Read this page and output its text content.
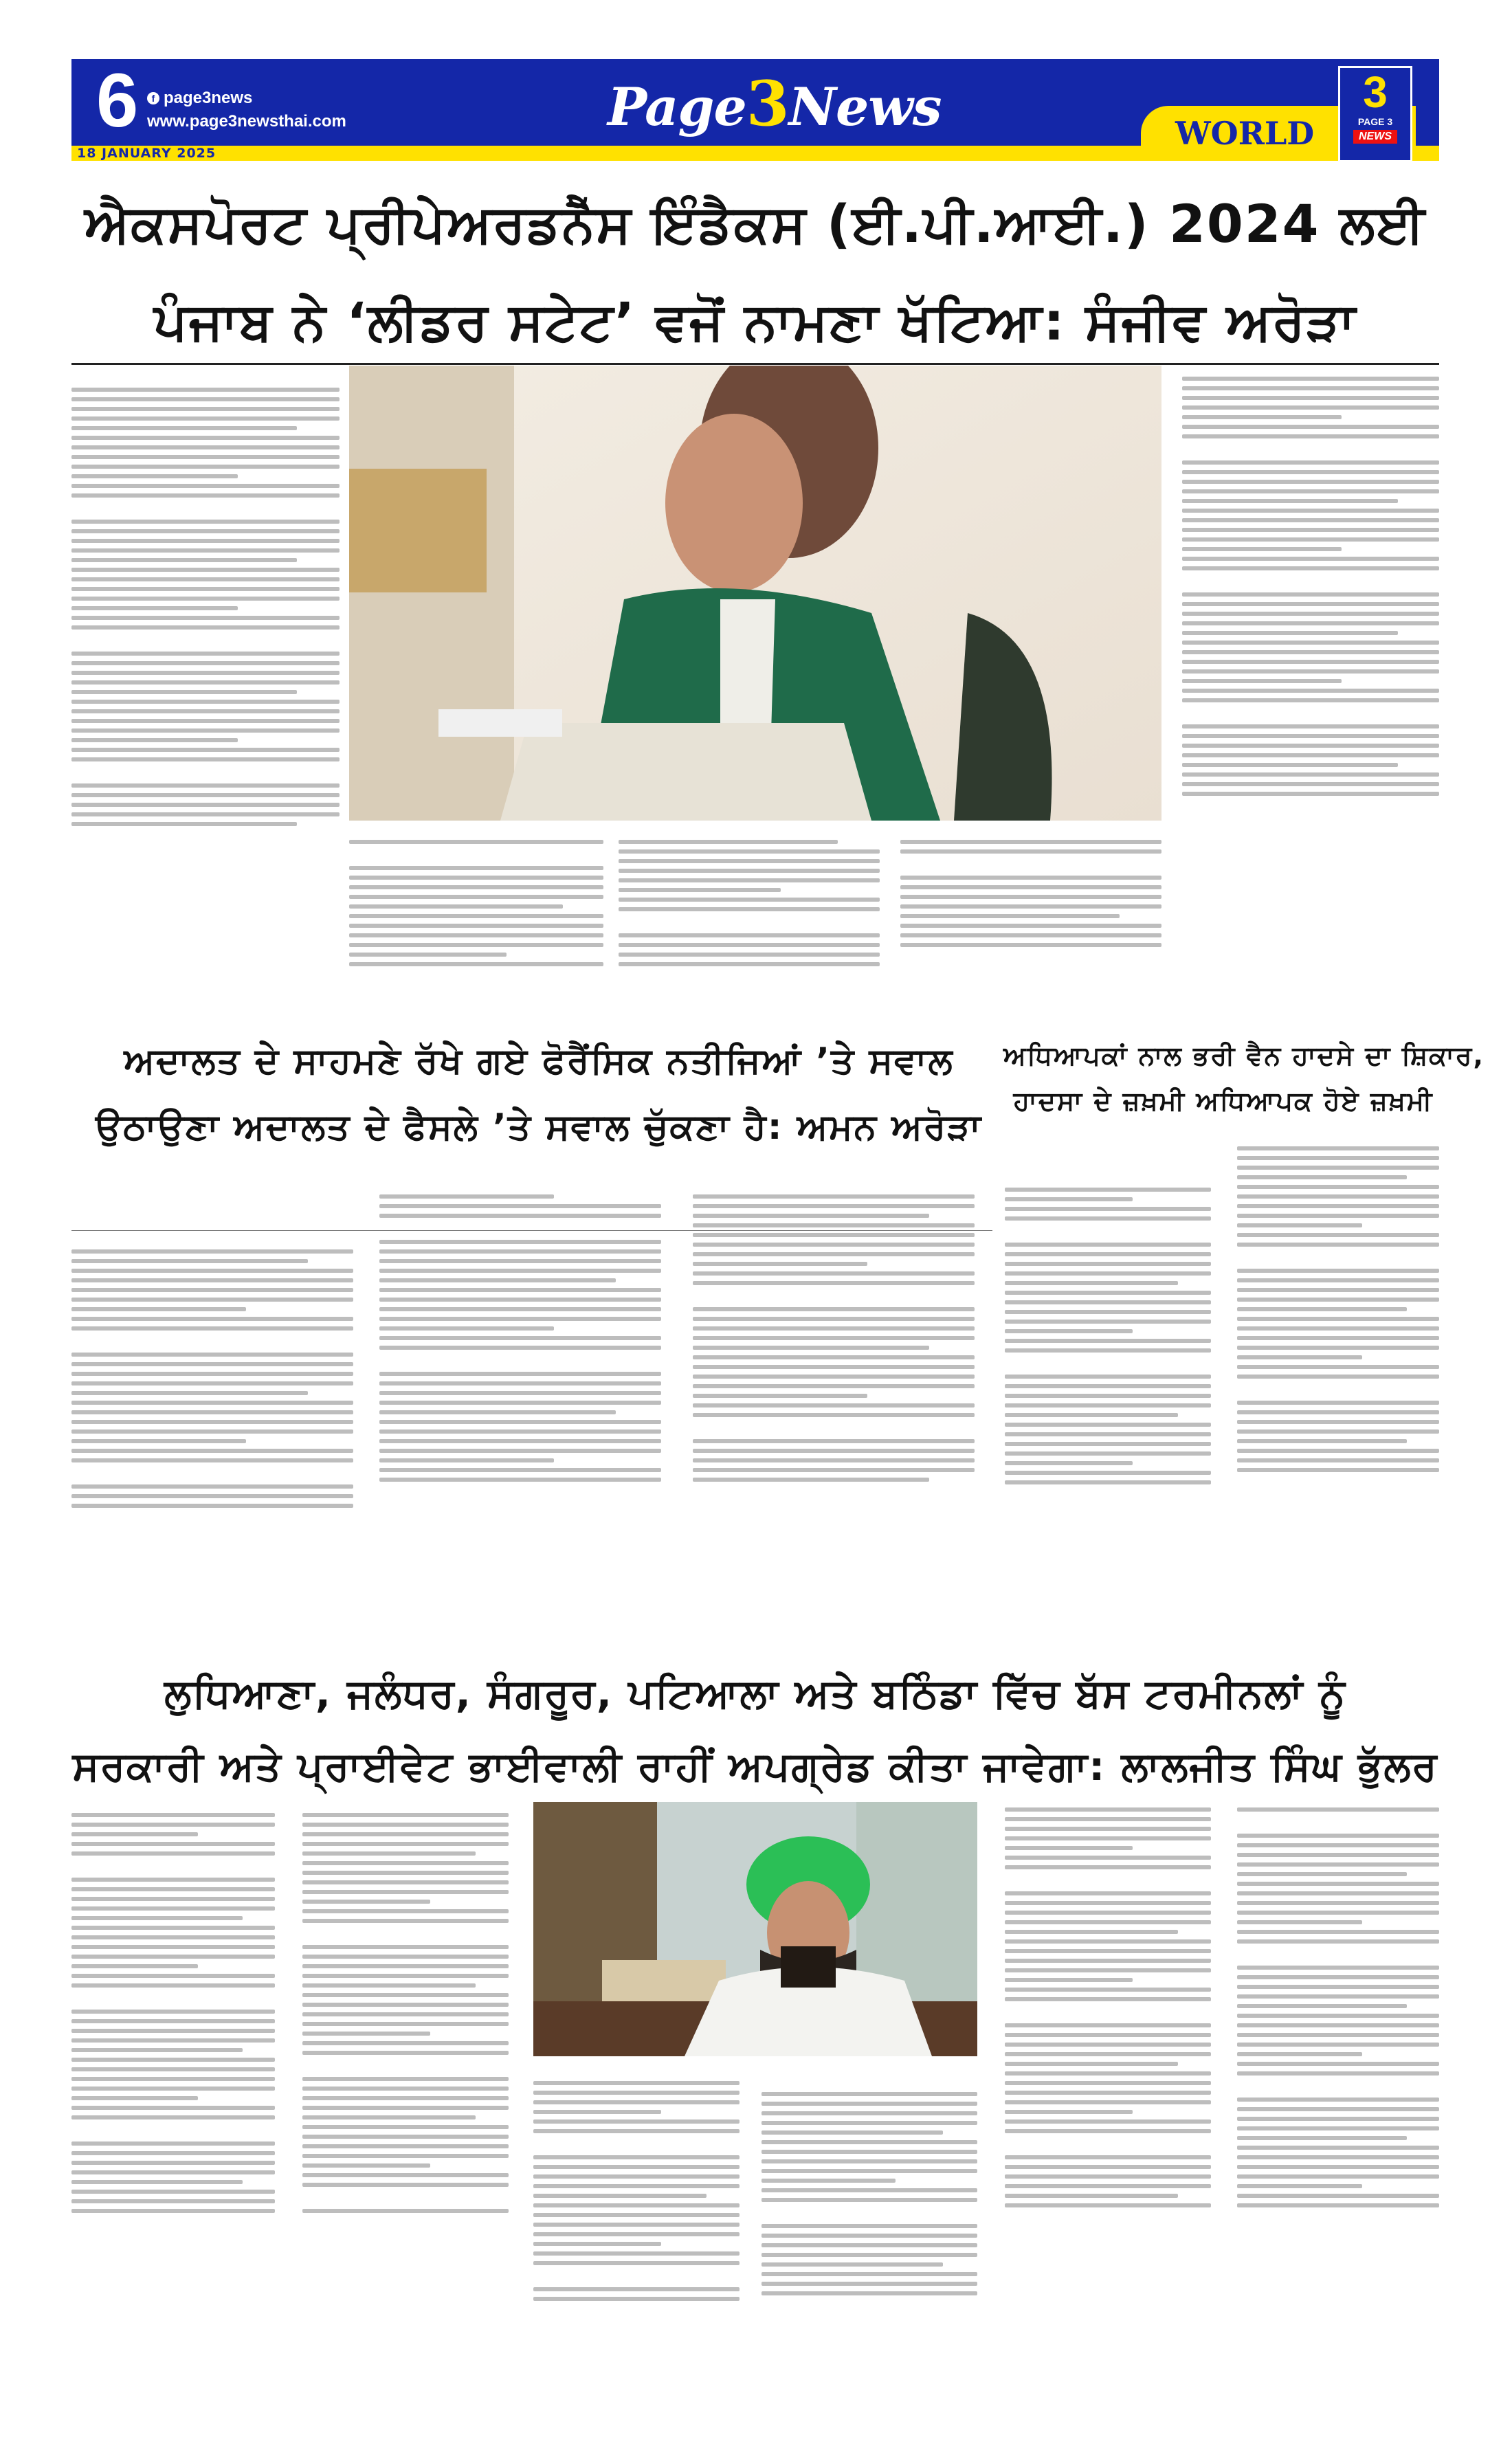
6	f page3news
www.page3newsthai.com
18 JANUARY 2025
Page3News	WORLD
3
PAGE 3
NEWS
ਐਕਸਪੋਰਟ ਪ੍ਰੀਪੇਅਰਡਨੈੱਸ ਇੰਡੈਕਸ (ਈ.ਪੀ.ਆਈ.) 2024 ਲਈ
ਪੰਜਾਬ ਨੇ ‘ਲੀਡਰ ਸਟੇਟ’ ਵਜੋਂ ਨਾਮਣਾ ਖੱਟਿਆ: ਸੰਜੀਵ ਅਰੋੜਾ
ਅਦਾਲਤ ਦੇ ਸਾਹਮਣੇ ਰੱਖੇ ਗਏ ਫੋਰੈਂਸਿਕ ਨਤੀਜਿਆਂ ’ਤੇ ਸਵਾਲ
ਉਠਾਉਣਾ ਅਦਾਲਤ ਦੇ ਫੈਸਲੇ ’ਤੇ ਸਵਾਲ ਚੁੱਕਣਾ ਹੈ: ਅਮਨ ਅਰੋੜਾ
ਅਧਿਆਪਕਾਂ ਨਾਲ ਭਰੀ ਵੈਨ ਹਾਦਸੇ ਦਾ ਸ਼ਿਕਾਰ,
ਹਾਦਸਾ ਦੇ ਜ਼ਖ਼ਮੀ ਅਧਿਆਪਕ ਹੋਏ ਜ਼ਖ਼ਮੀ
ਲੁਧਿਆਣਾ, ਜਲੰਧਰ, ਸੰਗਰੂਰ, ਪਟਿਆਲਾ ਅਤੇ ਬਠਿੰਡਾ ਵਿੱਚ ਬੱਸ ਟਰਮੀਨਲਾਂ ਨੂੰ
ਸਰਕਾਰੀ ਅਤੇ ਪ੍ਰਾਈਵੇਟ ਭਾਈਵਾਲੀ ਰਾਹੀਂ ਅਪਗ੍ਰੇਡ ਕੀਤਾ ਜਾਵੇਗਾ: ਲਾਲਜੀਤ ਸਿੰਘ ਭੁੱਲਰ
